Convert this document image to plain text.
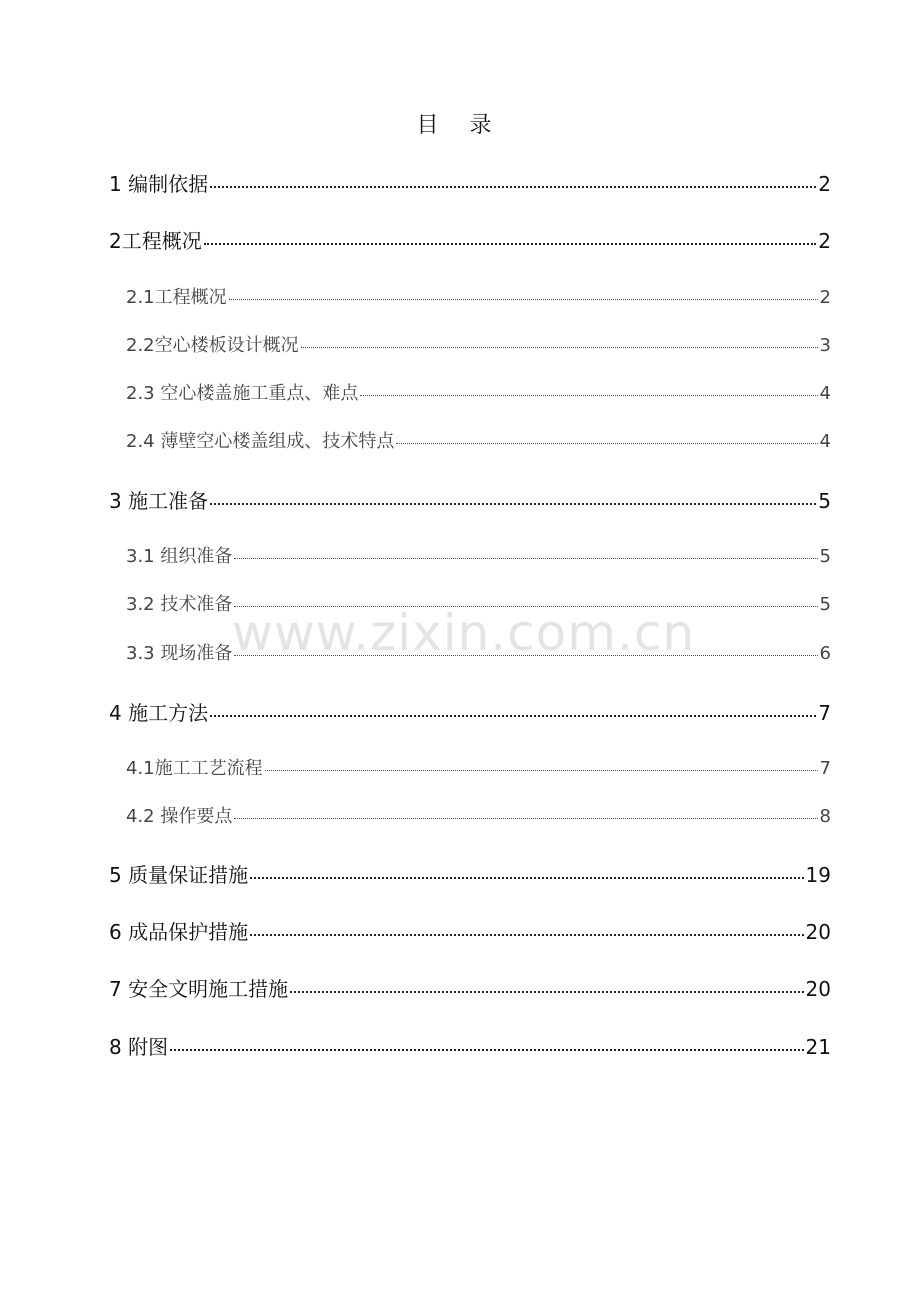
目 录
1 编制依据	2
2工程概况	2
2.1工程概况	2
2.2空心楼板设计概况	3
2.3 空心楼盖施工重点、难点	4
2.4 薄壁空心楼盖组成、技术特点	4
3 施工准备	5
3.1 组织准备	5
3.2 技术准备	5
3.3 现场准备	6
4 施工方法	7
4.1施工工艺流程	7
4.2 操作要点	8
5 质量保证措施	19
6 成品保护措施	20
7 安全文明施工措施	20
8 附图	21
www.zixin.com.cn
